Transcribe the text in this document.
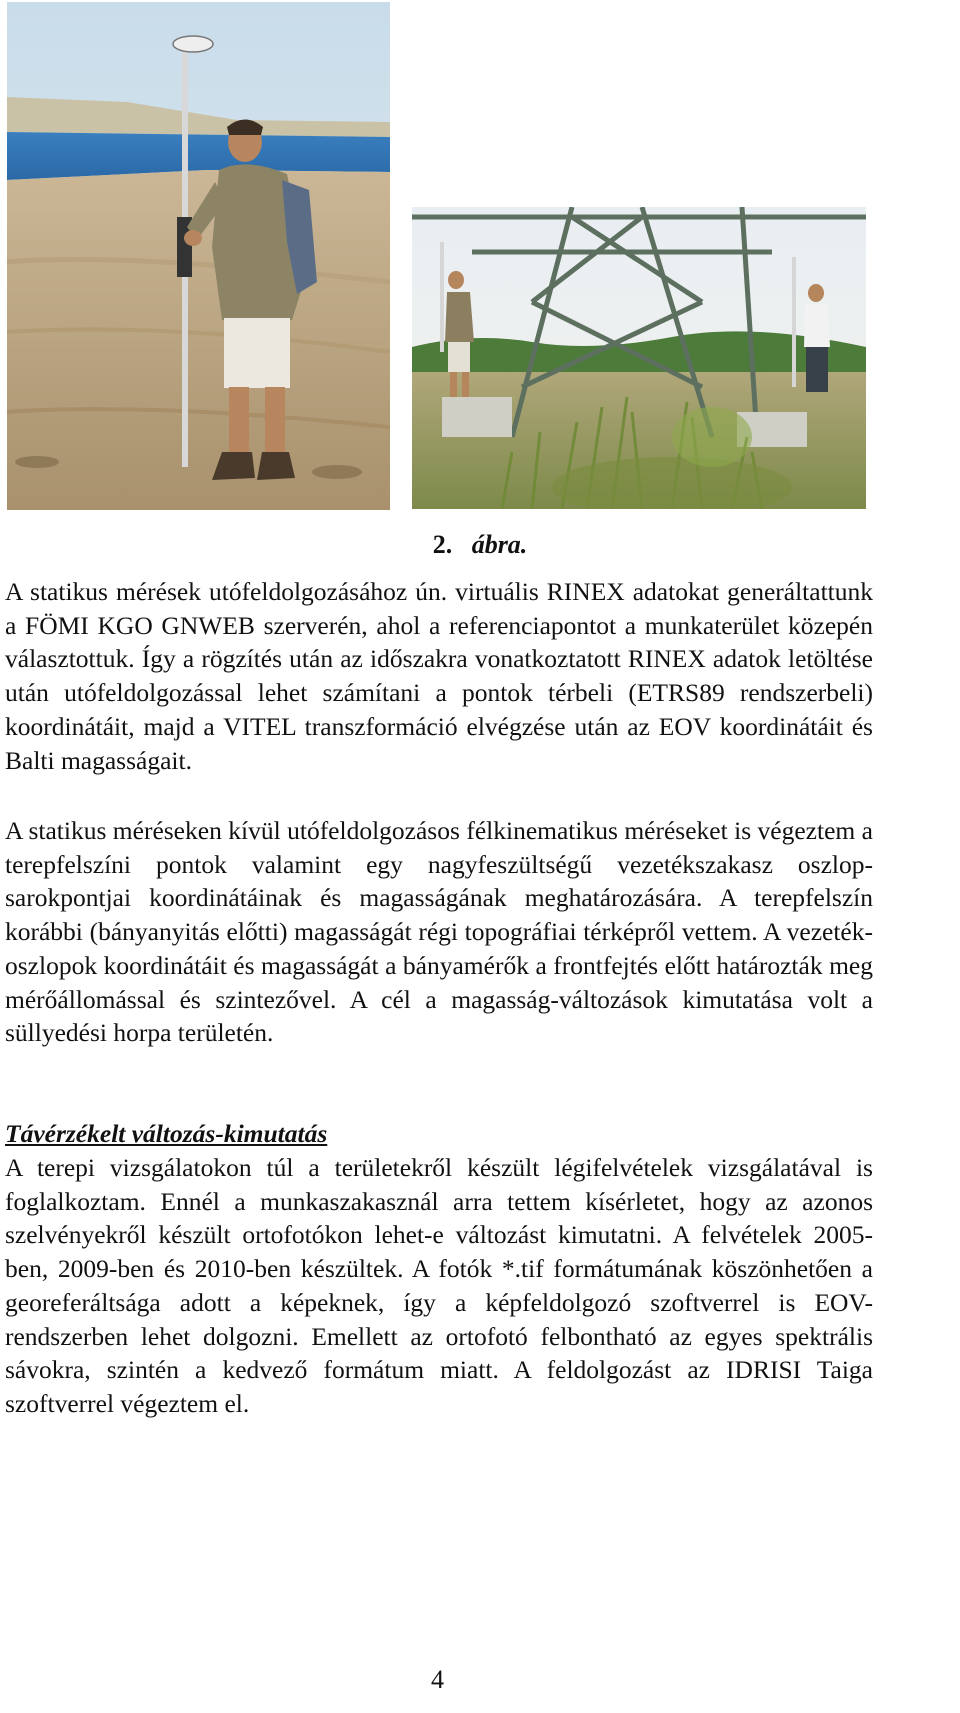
2. ábra.

A statikus mérések utófeldolgozásához ún. virtuális RINEX adatokat generáltattunk a FÖMI KGO GNWEB szerverén, ahol a referenciapontot a munkaterület közepén választottuk. Így a rögzítés után az időszakra vonatkoztatott RINEX adatok letöltése után utófeldolgozással lehet számítani a pontok térbeli (ETRS89 rendszerbeli) koordinátáit, majd a VITEL transzformáció elvégzése után az EOV koordinátáit és Balti magasságait.

A statikus méréseken kívül utófeldolgozásos félkinematikus méréseket is végeztem a terepfelszíni pontok valamint egy nagyfeszültségű vezetékszakasz oszlop-sarokpontjai koordinátáinak és magasságának meghatározására. A terepfelszín korábbi (bányanyitás előtti) magasságát régi topográfiai térképről vettem. A vezeték-oszlopok koordinátáit és magasságát a bányamérők a frontfejtés előtt határozták meg mérőállomással és szintezővel. A cél a magasság-változások kimutatása volt a süllyedési horpa területén.

Távérzékelt változás-kimutatás

A terepi vizsgálatokon túl a területekről készült légifelvételek vizsgálatával is foglalkoztam. Ennél a munkaszakasznál arra tettem kísérletet, hogy az azonos szelvényekről készült ortofotókon lehet-e változást kimutatni. A felvételek 2005-ben, 2009-ben és 2010-ben készültek. A fotók *.tif formátumának köszönhetően a georeferáltsága adott a képeknek, így a képfeldolgozó szoftverrel is EOV-rendszerben lehet dolgozni. Emellett az ortofotó felbontható az egyes spektrális sávokra, szintén a kedvező formátum miatt. A feldolgozást az IDRISI Taiga szoftverrel végeztem el.

4
